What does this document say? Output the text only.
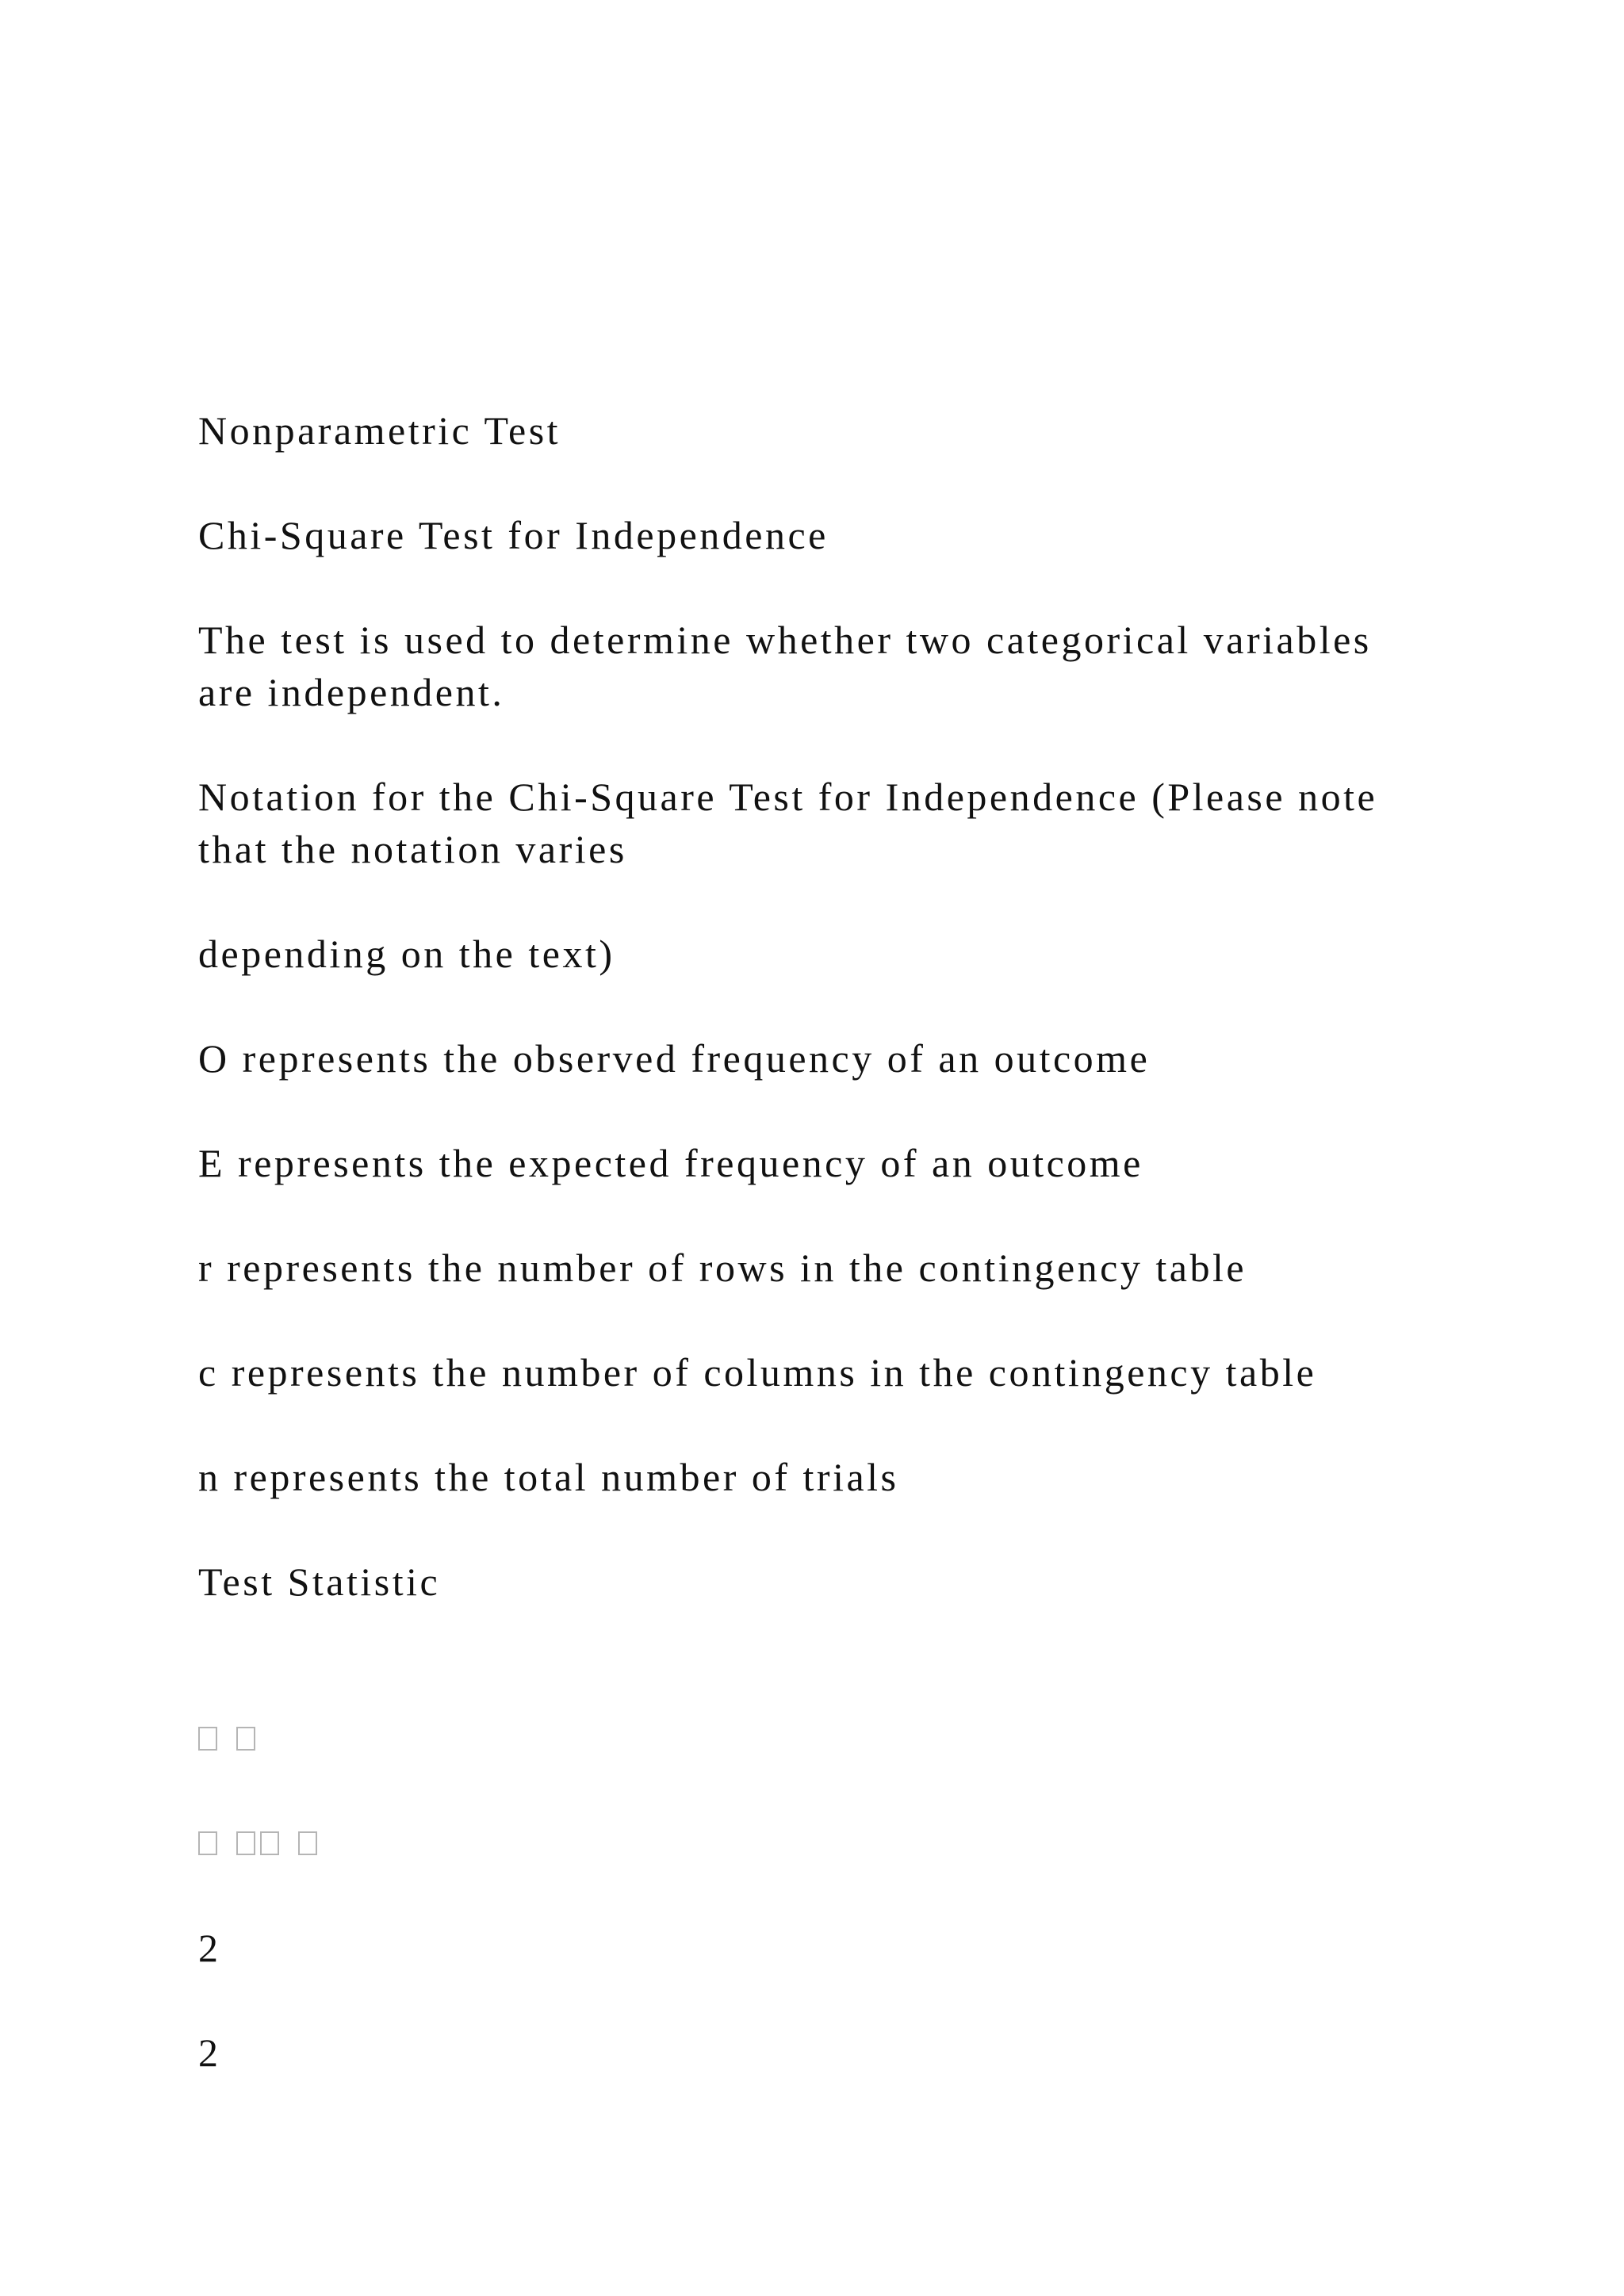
Nonparametric Test

Chi-Square Test for Independence

The test is used to determine whether two categorical variables

are independent.

Notation for the Chi-Square Test for Independence (Please note

that the notation varies

depending on the text)

O represents the observed frequency of an outcome

E represents the expected frequency of an outcome

r represents the number of rows in the contingency table

c represents the number of columns in the contingency table

n represents the total number of trials

Test Statistic

2

2
